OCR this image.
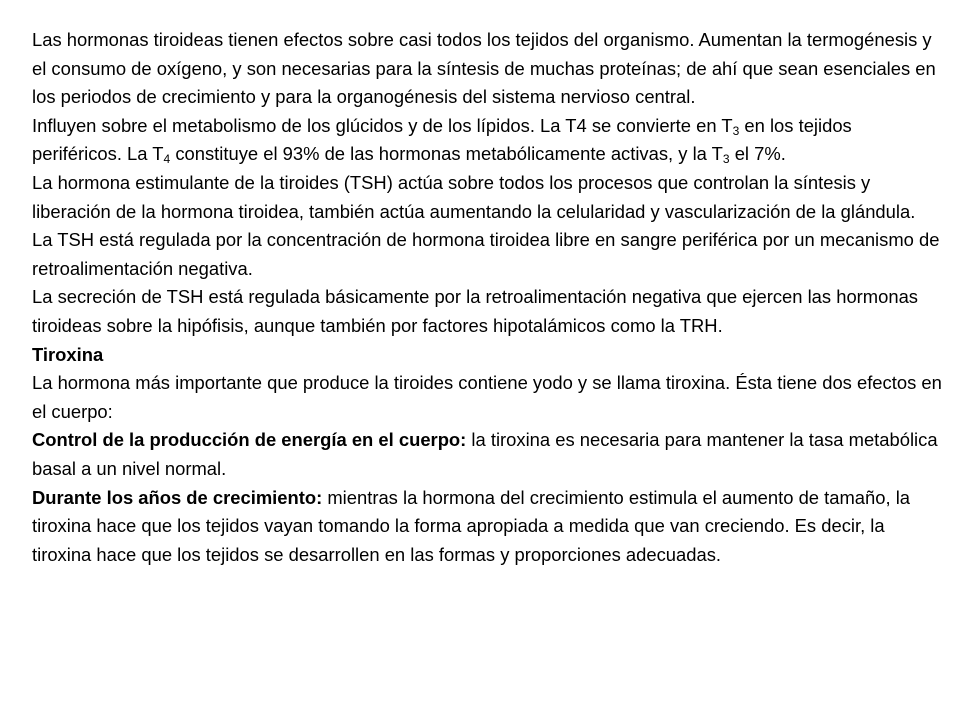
Las hormonas tiroideas tienen efectos sobre casi todos los tejidos del organismo. Aumentan la termogénesis y el consumo de oxígeno, y son necesarias para la síntesis de muchas proteínas; de ahí que sean esenciales en los periodos de crecimiento y para la organogénesis del sistema nervioso central.

Influyen sobre el metabolismo de los glúcidos y de los lípidos. La T4 se convierte en $T_3$ en los tejidos periféricos. La $T_4$ constituye el 93% de las hormonas metabólicamente activas, y la $T_3$ el 7%.

La hormona estimulante de la tiroides (TSH) actúa sobre todos los procesos que controlan la síntesis y liberación de la hormona tiroidea, también actúa aumentando la celularidad y vascularización de la glándula.

La TSH está regulada por la concentración de hormona tiroidea libre en sangre periférica por un mecanismo de retroalimentación negativa.

La secreción de TSH está regulada básicamente por la retroalimentación negativa que ejercen las hormonas tiroideas sobre la hipófisis, aunque también por factores hipotalámicos como la TRH.

Tiroxina

La hormona más importante que produce la tiroides contiene yodo y se llama tiroxina. Ésta tiene dos efectos en el cuerpo:

Control de la producción de energía en el cuerpo: la tiroxina es necesaria para mantener la tasa metabólica basal a un nivel normal.

Durante los años de crecimiento: mientras la hormona del crecimiento estimula el aumento de tamaño, la tiroxina hace que los tejidos vayan tomando la forma apropiada a medida que van creciendo. Es decir, la tiroxina hace que los tejidos se desarrollen en las formas y proporciones adecuadas.
